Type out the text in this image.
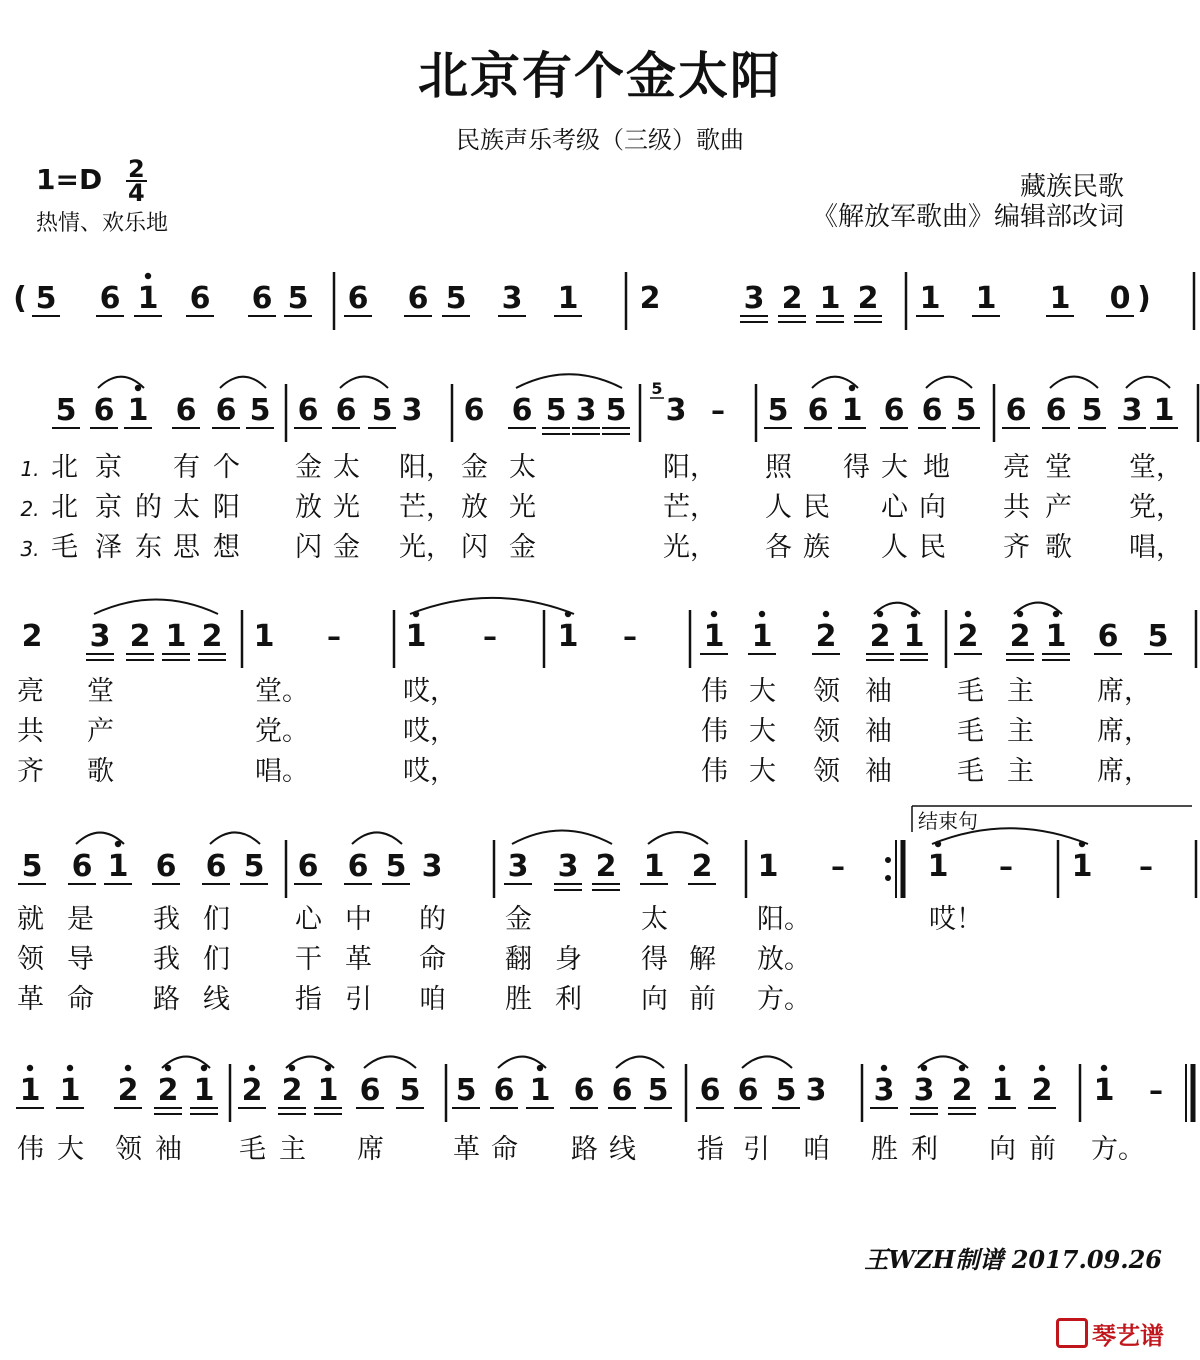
北京有个金太阳
民族声乐考级（三级）歌曲
$1=D \frac{2}{4}$
热情、欢乐地
藏族民歌
《解放军歌曲》编辑部改词
( 5 6 1 6 6 5 6 6 5 3 1 2	3 2 1 2 1 1 1 0 )
5 6 1 6 6 5 6 6 5 3 6 6 5 3 5 3 – 5 6 1 6 6 5 6 6 5 3 1
5
1. 北 京 有 个 金 太 阳， 金 太	阳， 照 得 大 地 亮 堂 堂，
2. 北 京 的 太 阳 放 光 芒， 放 光	芒， 人 民 心 向 共 产 党，
3. 毛 泽 东 思 想 闪 金 光， 闪 金	光， 各 族 人 民 齐 歌 唱，
2 3 2 1 2 1 – 1 – 1 – 1 1 2 2 1 2 2 1 6 5
亮 堂	堂。	哎，	伟 大 领 袖 毛 主 席，
共 产	党。	哎，	伟 大 领 袖 毛 主 席，
齐 歌	唱。	哎，	伟 大 领 袖 毛 主 席，
5 6 1 6 6 5 6 6 5 3 3 3 2 1 2 1 –	1 – 1 –
就 是 我 们 心 中 的 金	太	阳。	哎！
领 导 我 们 干 革 命 翻 身 得 解 放。
革 命 路 线 指 引 咱 胜 利 向 前 方。
1 1 2 2 1 2 2 1 6 5 5 6 1 6 6 5 6 6 5 3 3 3 2 1 2 1 –
伟 大 领 袖 毛 主 席	革 命 路 线 指 引 咱 胜 利 向 前 方。
结束句
王WZH制谱 2017.09.26
琴艺谱
